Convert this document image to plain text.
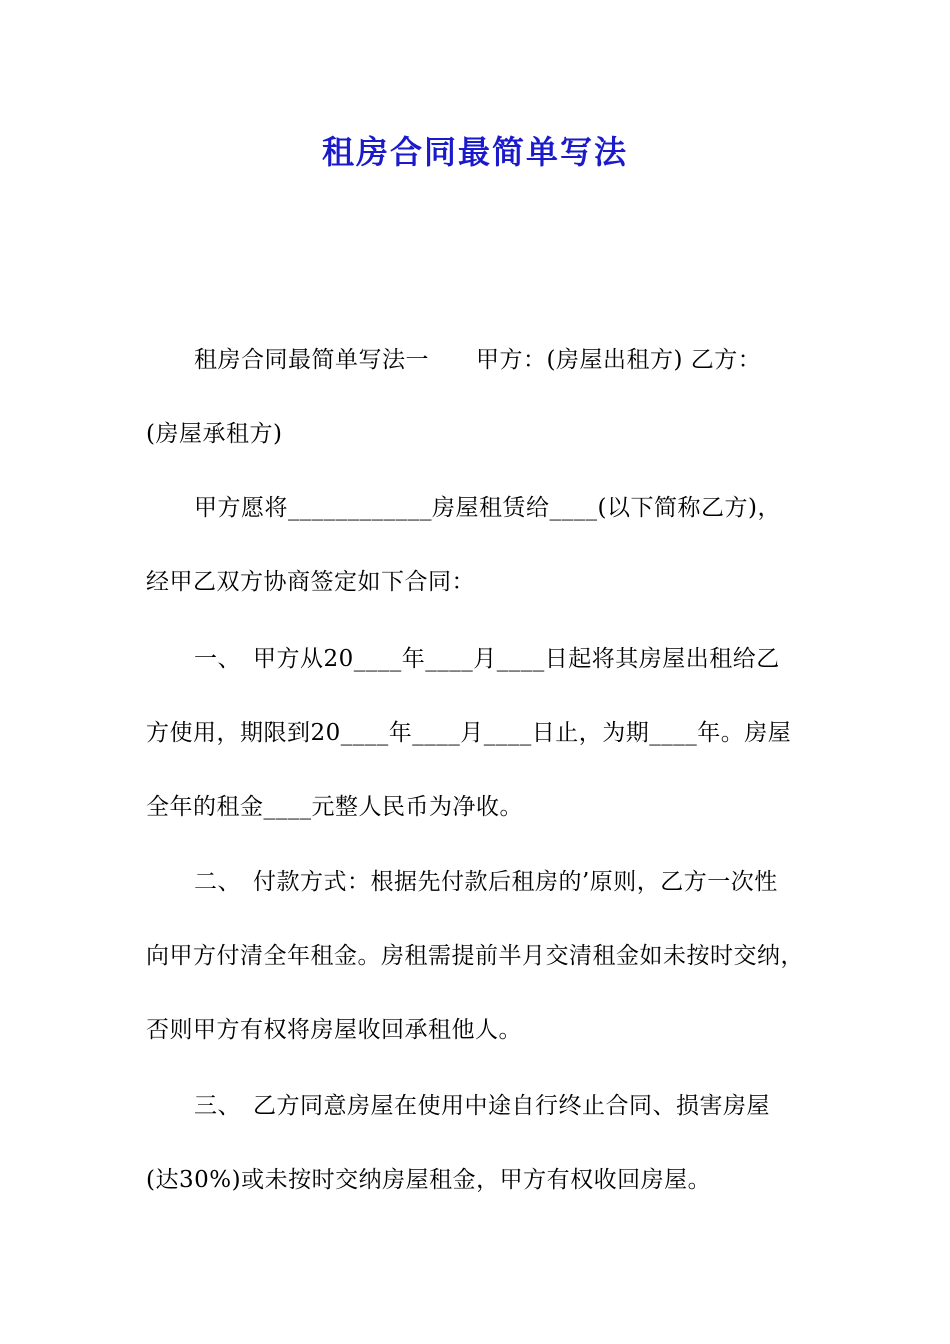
租房合同最简单写法
租房合同最简单写法一　　甲方：(房屋出租方) 乙方：
(房屋承租方)
甲方愿将____________房屋租赁给____(以下简称乙方)，
经甲乙双方协商签定如下合同：
一、　甲方从20____年____月____日起将其房屋出租给乙
方使用，期限到20____年____月____日止，为期____年。房屋
全年的租金____元整人民币为净收。
二、　付款方式：根据先付款后租房的’原则，乙方一次性
向甲方付清全年租金。房租需提前半月交清租金如未按时交纳，
否则甲方有权将房屋收回承租他人。
三、　乙方同意房屋在使用中途自行终止合同、损害房屋
(达30%)或未按时交纳房屋租金，甲方有权收回房屋。
